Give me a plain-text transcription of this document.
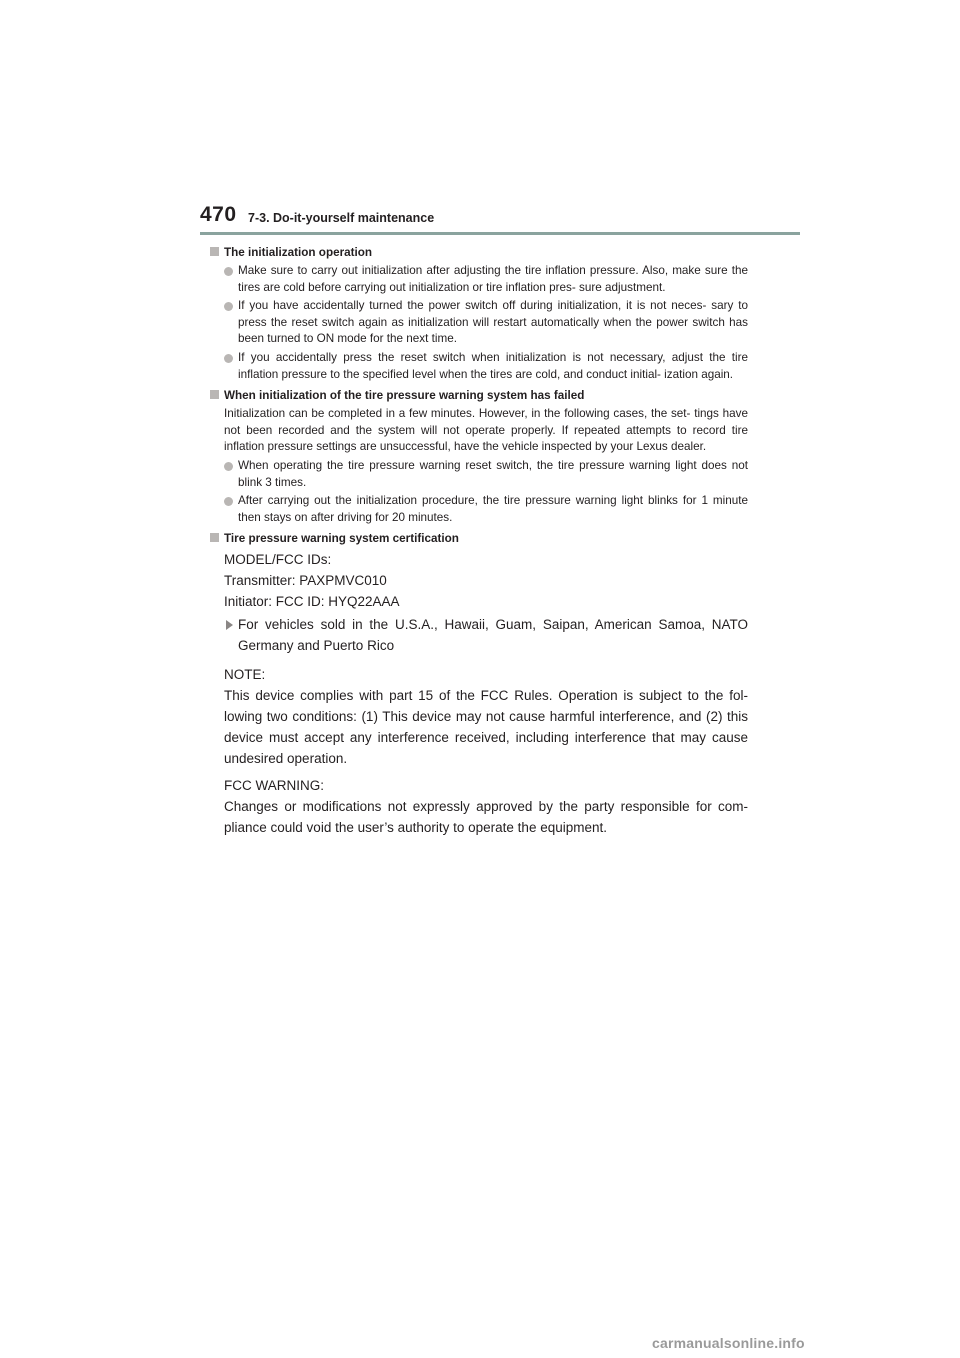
470 7-3. Do-it-yourself maintenance
The initialization operation
Make sure to carry out initialization after adjusting the tire inflation pressure. Also, make sure the tires are cold before carrying out initialization or tire inflation pres- sure adjustment.
If you have accidentally turned the power switch off during initialization, it is not neces- sary to press the reset switch again as initialization will restart automatically when the power switch has been turned to ON mode for the next time.
If you accidentally press the reset switch when initialization is not necessary, adjust the tire inflation pressure to the specified level when the tires are cold, and conduct initial- ization again.
When initialization of the tire pressure warning system has failed
Initialization can be completed in a few minutes. However, in the following cases, the set- tings have not been recorded and the system will not operate properly. If repeated attempts to record tire inflation pressure settings are unsuccessful, have the vehicle inspected by your Lexus dealer.
When operating the tire pressure warning reset switch, the tire pressure warning light does not blink 3 times.
After carrying out the initialization procedure, the tire pressure warning light blinks for 1 minute then stays on after driving for 20 minutes.
Tire pressure warning system certification
MODEL/FCC IDs:
Transmitter: PAXPMVC010
Initiator: FCC ID: HYQ22AAA
For vehicles sold in the U.S.A., Hawaii, Guam, Saipan, American Samoa, NATO Germany and Puerto Rico
NOTE:
This device complies with part 15 of the FCC Rules. Operation is subject to the fol- lowing two conditions: (1) This device may not cause harmful interference, and (2) this device must accept any interference received, including interference that may cause undesired operation.
FCC WARNING:
Changes or modifications not expressly approved by the party responsible for com- pliance could void the user’s authority to operate the equipment.
carmanualsonline.info
